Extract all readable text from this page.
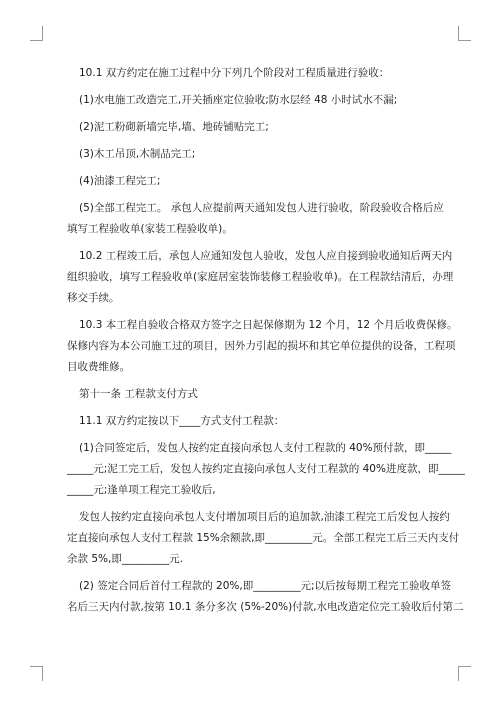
10.1 双方约定在施工过程中分下列几个阶段对工程质量进行验收：
(1)水电施工改造完工,开关插座定位验收;防水层经 48 小时试水不漏;
(2)泥工粉砌新墙完毕,墙、地砖铺贴完工;
(3)木工吊顶,木制品完工;
(4)油漆工程完工;
(5)全部工程完工。 承包人应提前两天通知发包人进行验收，阶段验收合格后应
填写工程验收单(家装工程验收单)。
10.2 工程竣工后，承包人应通知发包人验收，发包人应自接到验收通知后两天内
组织验收，填写工程验收单(家庭居室装饰装修工程验收单)。在工程款结清后，办理
移交手续。
10.3 本工程自验收合格双方签字之日起保修期为 12 个月，12 个月后收费保修。
保修内容为本公司施工过的项目，因外力引起的损坏和其它单位提供的设备，工程项
目收费维修。
第十一条 工程款支付方式
11.1 双方约定按以下____方式支付工程款：
(1)合同签定后，发包人按约定直接向承包人支付工程款的 40%预付款，即_____
_____元;泥工完工后，发包人按约定直接向承包人支付工程款的 40%进度款，即_____
_____元;逢单项工程完工验收后,
发包人按约定直接向承包人支付增加项目后的追加款,油漆工程完工后发包人按约
定直接向承包人支付工程款 15%余额款,即_________元。全部工程完工后三天内支付
余款 5%,即_________元.
(2) 签定合同后首付工程款的 20%,即_________元;以后按每期工程完工验收单签
名后三天内付款,按第 10.1 条分多次 (5%-20%)付款,水电改造定位完工验收后付第二
